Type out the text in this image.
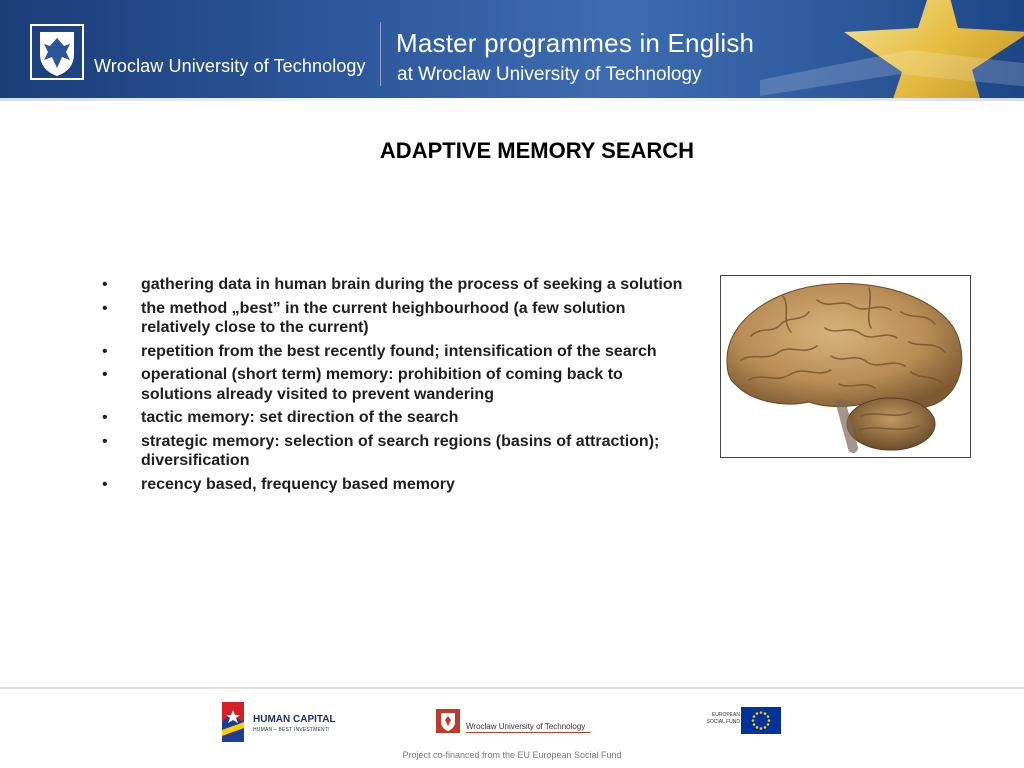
Wroclaw University of Technology
Master programmes in English
at Wroclaw University of Technology
ADAPTIVE MEMORY SEARCH
• gathering data in human brain during the process of seeking a solution
• the method „best” in the current heighbourhood (a few solution relatively close to the current)
• repetition from the best recently found; intensification of the search
• operational (short term) memory: prohibition of coming back to solutions already visited to prevent wandering
• tactic memory: set direction of the search
• strategic memory: selection of search regions (basins of attraction); diversification
• recency based, frequency based memory
HUMAN CAPITAL
HUMAN – BEST INVESTMENT!	Wroclaw University of Technology
EUROPEAN
SOCIAL FUND
Project co-financed from the EU European Social Fund
